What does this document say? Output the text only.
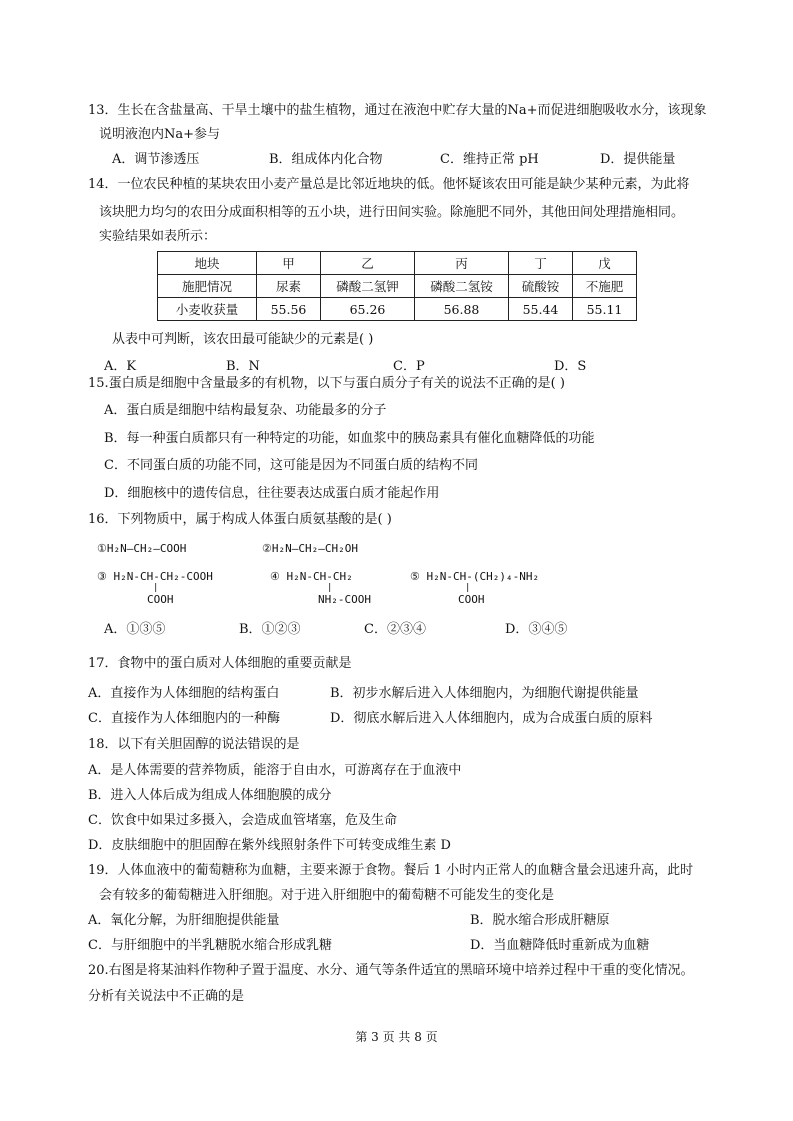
13．生长在含盐量高、干旱土壤中的盐生植物，通过在液泡中贮存大量的Na+而促进细胞吸收水分，该现象
说明液泡内Na+参与
A．调节渗透压	B．组成体内化合物	C．维持正常 pH	D．提供能量
14．一位农民种植的某块农田小麦产量总是比邻近地块的低。他怀疑该农田可能是缺少某种元素，为此将
该块肥力均匀的农田分成面积相等的五小块，进行田间实验。除施肥不同外，其他田间处理措施相同。
实验结果如表所示：
地块	甲	乙	丙	丁	戊
施肥情况	尿素	磷酸二氢钾	磷酸二氢铵	硫酸铵	不施肥
小麦收获量	55.56	65.26	56.88	55.44	55.11
从表中可判断，该农田最可能缺少的元素是( )
A．K	B．N	C．P	D．S
15.蛋白质是细胞中含量最多的有机物，以下与蛋白质分子有关的说法不正确的是( )
A．蛋白质是细胞中结构最复杂、功能最多的分子
B．每一种蛋白质都只有一种特定的功能，如血浆中的胰岛素具有催化血糖降低的功能
C．不同蛋白质的功能不同，这可能是因为不同蛋白质的结构不同
D．细胞核中的遗传信息，往往要表达成蛋白质才能起作用
16．下列物质中，属于构成人体蛋白质氨基酸的是( )
①H₂N—CH₂—COOH	②H₂N—CH₂—CH₂OH
③ H₂N-CH-CH₂-COOH
|
COOH
④ H₂N-CH-CH₂
|
NH₂-COOH
⑤ H₂N-CH-(CH₂)₄-NH₂
|
COOH
A．①③⑤	B．①②③	C．②③④	D．③④⑤
17．食物中的蛋白质对人体细胞的重要贡献是
A．直接作为人体细胞的结构蛋白	B．初步水解后进入人体细胞内，为细胞代谢提供能量
C．直接作为人体细胞内的一种酶	D．彻底水解后进入人体细胞内，成为合成蛋白质的原料
18．以下有关胆固醇的说法错误的是
A．是人体需要的营养物质，能溶于自由水，可游离存在于血液中
B．进入人体后成为组成人体细胞膜的成分
C．饮食中如果过多摄入，会造成血管堵塞，危及生命
D．皮肤细胞中的胆固醇在紫外线照射条件下可转变成维生素 D
19．人体血液中的葡萄糖称为血糖，主要来源于食物。餐后 1 小时内正常人的血糖含量会迅速升高，此时
会有较多的葡萄糖进入肝细胞。对于进入肝细胞中的葡萄糖不可能发生的变化是
A．氧化分解，为肝细胞提供能量	B．脱水缩合形成肝糖原
C．与肝细胞中的半乳糖脱水缩合形成乳糖	D．当血糖降低时重新成为血糖
20.右图是将某油料作物种子置于温度、水分、通气等条件适宜的黑暗环境中培养过程中干重的变化情况。
分析有关说法中不正确的是
第 3 页 共 8 页
